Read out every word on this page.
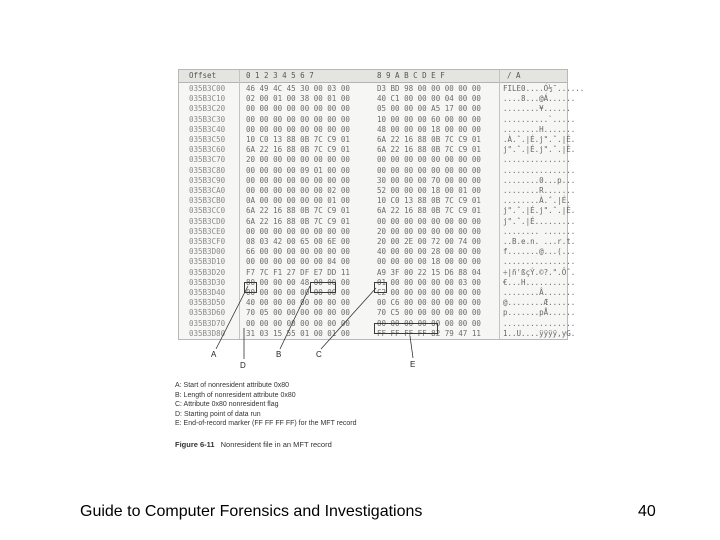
Offset	0 1 2 3 4 5 6 7	8 9 A B C D E F	/ A
035B3C00	46 49 4C 45 30 00 03 00	D3 BD 98 00 00 00 00 00	FILE0....Ó½˜......
035B3C10	02 00 01 00 38 00 01 00	40 C1 00 00 00 04 00 00	....8...@Á......
035B3C20	00 00 00 00 00 00 00 00	05 00 00 00 A5 17 00 00	........¥......
035B3C30	00 00 00 00 00 00 00 00	10 00 00 00 60 00 00 00	..........`.....
035B3C40	00 00 00 00 00 00 00 00	48 00 00 00 18 00 00 00	........H.......
035B3C50	10 C0 13 88 0B 7C C9 01	6A 22 16 88 0B 7C C9 01	.À.ˆ.|É.j".ˆ.|É.
035B3C60	6A 22 16 88 0B 7C C9 01	6A 22 16 88 0B 7C C9 01	j".ˆ.|É.j".ˆ.|É.
035B3C70	20 00 00 00 00 00 00 00	00 00 00 00 00 00 00 00	...............
035B3C80	00 00 00 00 09 01 00 00	00 00 00 00 00 00 00 00	................
035B3C90	00 00 00 00 00 00 00 00	30 00 00 00 70 00 00 00	........0...p...
035B3CA0	00 00 00 00 00 00 02 00	52 00 00 00 18 00 01 00	........R.......
035B3CB0	0A 00 00 00 00 00 01 00	10 C0 13 88 0B 7C C9 01	........À.ˆ.|É.
035B3CC0	6A 22 16 88 0B 7C C9 01	6A 22 16 88 0B 7C C9 01	j".ˆ.|É.j".ˆ.|É.
035B3CD0	6A 22 16 88 0B 7C C9 01	00 00 00 00 00 00 00 00	j".ˆ.|É.........
035B3CE0	00 00 00 00 00 00 00 00	20 00 00 00 00 00 00 00	........ .......
035B3CF0	08 03 42 00 65 00 6E 00	20 00 2E 00 72 00 74 00	..B.e.n. ...r.t.
035B3D00	66 00 00 00 00 00 00 00	40 00 00 00 28 00 00 00	f.......@...(...
035B3D10	00 00 00 00 00 00 04 00	00 00 00 00 18 00 00 00	................
035B3D20	F7 7C F1 27 DF E7 DD 11	A9 3F 00 22 15 D6 88 04	÷|ñ'ßçÝ.©?.".Öˆ.
035B3D30	80 00 00 00 48 00 00 00	01 00 00 00 00 00 03 00	€...H...........
035B3D40	00 00 00 00 00 00 00 00	C2 00 00 00 00 00 00 00	........Â.......
035B3D50	40 00 00 00 00 00 00 00	00 C6 00 00 00 00 00 00	@........Æ......
035B3D60	70 05 00 00 00 00 00 00	70 C5 00 00 00 00 00 00	p.......pÅ......
035B3D70	00 00 00 00 00 00 00 00	00 00 00 00 00 00 00 00	................
035B3D80	31 03 15 55 01 00 01 00	FF FF FF FF 82 79 47 11	1..U....ÿÿÿÿ‚yG.
A
D
B	C
E
A: Start of nonresident attribute 0x80
B: Length of nonresident attribute 0x80
C: Attribute 0x80 nonresident flag
D: Starting point of data run
E: End-of-record marker (FF FF FF FF) for the MFT record
Figure 6-11 Nonresident file in an MFT record
Guide to Computer Forensics and Investigations	40
